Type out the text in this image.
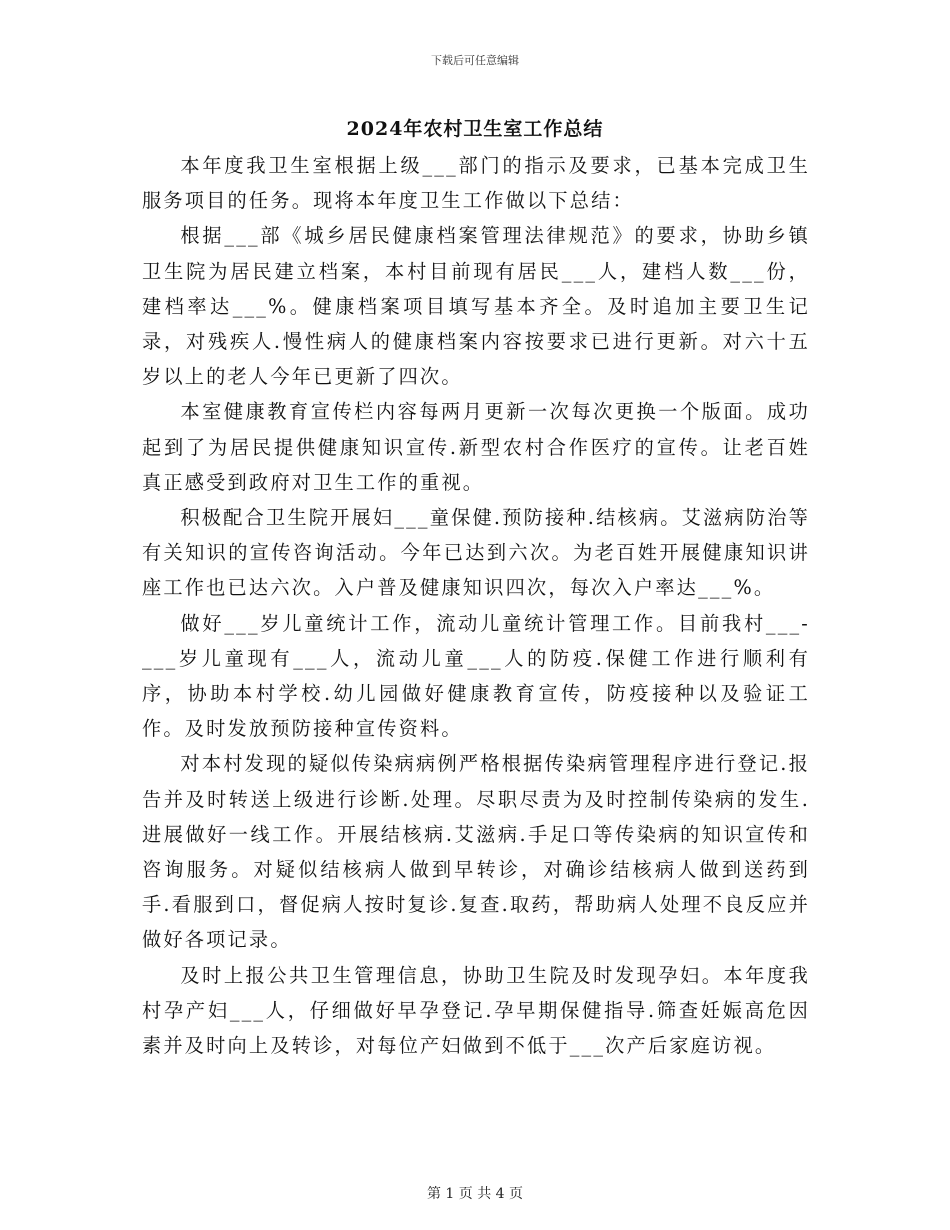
下载后可任意编辑
2024年农村卫生室工作总结

本年度我卫生室根据上级___部门的指示及要求，已基本完成卫生服务项目的任务。现将本年度卫生工作做以下总结：

根据___部《城乡居民健康档案管理法律规范》的要求，协助乡镇卫生院为居民建立档案，本村目前现有居民___人，建档人数___份，建档率达___%。健康档案项目填写基本齐全。及时追加主要卫生记录，对残疾人.慢性病人的健康档案内容按要求已进行更新。对六十五岁以上的老人今年已更新了四次。

本室健康教育宣传栏内容每两月更新一次每次更换一个版面。成功起到了为居民提供健康知识宣传.新型农村合作医疗的宣传。让老百姓真正感受到政府对卫生工作的重视。

积极配合卫生院开展妇___童保健.预防接种.结核病。艾滋病防治等有关知识的宣传咨询活动。今年已达到六次。为老百姓开展健康知识讲座工作也已达六次。入户普及健康知识四次，每次入户率达___%。

做好___岁儿童统计工作，流动儿童统计管理工作。目前我村___-___岁儿童现有___人，流动儿童___人的防疫.保健工作进行顺利有序，协助本村学校.幼儿园做好健康教育宣传，防疫接种以及验证工作。及时发放预防接种宣传资料。

对本村发现的疑似传染病病例严格根据传染病管理程序进行登记.报告并及时转送上级进行诊断.处理。尽职尽责为及时控制传染病的发生.进展做好一线工作。开展结核病.艾滋病.手足口等传染病的知识宣传和咨询服务。对疑似结核病人做到早转诊，对确诊结核病人做到送药到手.看服到口，督促病人按时复诊.复查.取药，帮助病人处理不良反应并做好各项记录。

及时上报公共卫生管理信息，协助卫生院及时发现孕妇。本年度我村孕产妇___人，仔细做好早孕登记.孕早期保健指导.筛查妊娠高危因素并及时向上及转诊，对每位产妇做到不低于___次产后家庭访视。

第 1 页 共 4 页
